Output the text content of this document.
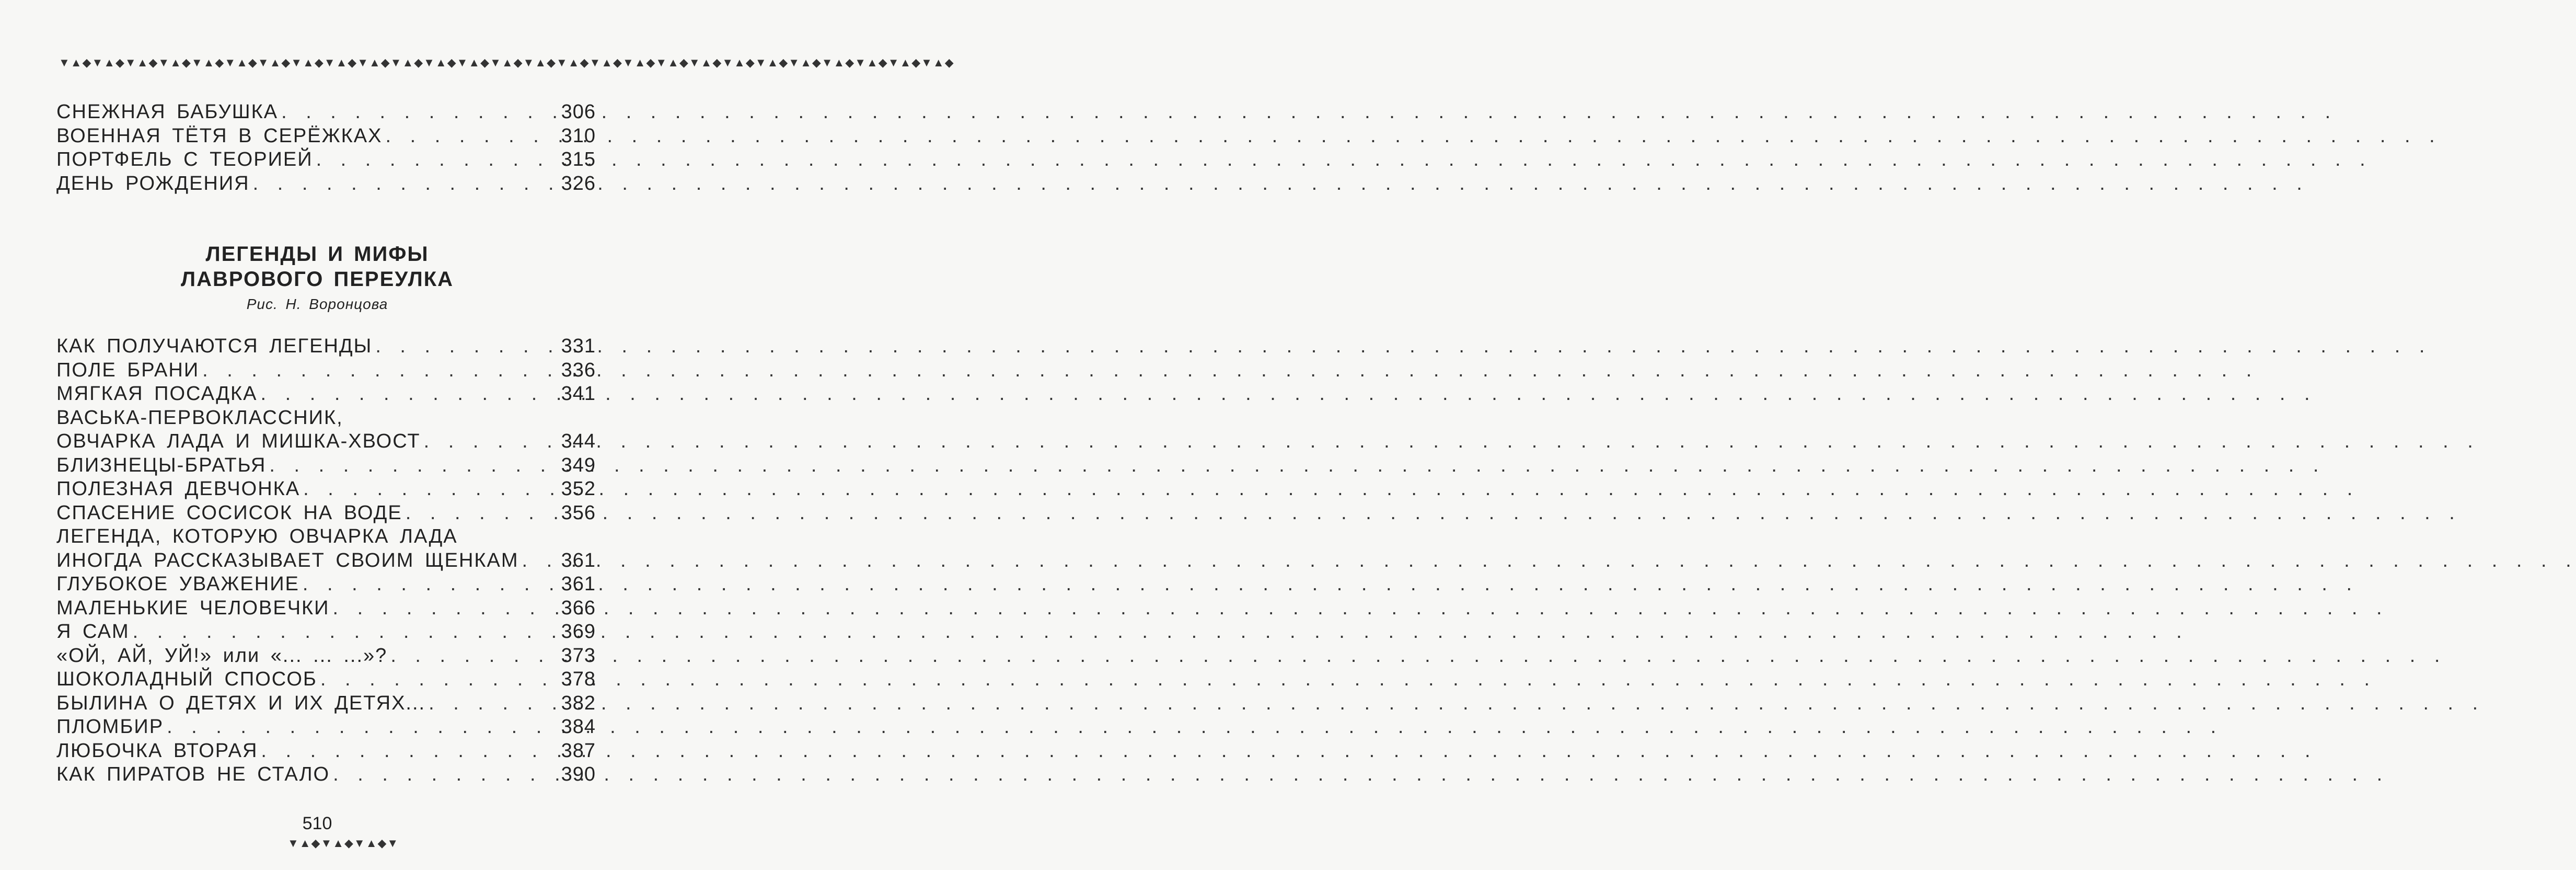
▼▲◆▼▲◆▼▲◆▼▲◆▼▲◆▼▲◆▼▲◆▼▲◆▼▲◆▼▲◆▼▲◆▼▲◆▼▲◆▼▲◆▼▲◆▼▲◆▼▲◆▼▲◆▼▲◆▼▲◆▼▲◆▼▲◆▼▲◆▼▲◆▼▲◆▼▲◆▼▲◆
СНЕЖНАЯ БАБУШКА . . .	306
ВОЕННАЯ ТЁТЯ В СЕРЁЖКАХ . . .	310
ПОРТФЕЛЬ С ТЕОРИЕЙ . . .	315
ДЕНЬ РОЖДЕНИЯ . . .	326
ЛЕГЕНДЫ И МИФЫ
ЛАВРОВОГО ПЕРЕУЛКА
Рис. Н. Воронцова
КАК ПОЛУЧАЮТСЯ ЛЕГЕНДЫ . . .	331
ПОЛЕ БРАНИ . . .	336
МЯГКАЯ ПОСАДКА . . .	341
ВАСЬКА-ПЕРВОКЛАССНИК,
ОВЧАРКА ЛАДА И МИШКА-ХВОСТ . . .	344
БЛИЗНЕЦЫ-БРАТЬЯ . . .	349
ПОЛЕЗНАЯ ДЕВЧОНКА . . .	352
СПАСЕНИЕ СОСИСОК НА ВОДЕ . . .	356
ЛЕГЕНДА, КОТОРУЮ ОВЧАРКА ЛАДА
ИНОГДА РАССКАЗЫВАЕТ СВОИМ ЩЕНКАМ . . . 361
ГЛУБОКОЕ УВАЖЕНИЕ . . .	361
МАЛЕНЬКИЕ ЧЕЛОВЕЧКИ . . .	366
Я САМ . . .	369
«ОЙ, АЙ, УЙ!» или «... ... ...»? . . .	373
ШОКОЛАДНЫЙ СПОСОБ . . .	378
БЫЛИНА О ДЕТЯХ И ИХ ДЕТЯХ... . . .	382
ПЛОМБИР . . .	384
ЛЮБОЧКА ВТОРАЯ . . .	387
КАК ПИРАТОВ НЕ СТАЛО . . .	390
510
▼▲◆▼▲◆▼▲◆▼
